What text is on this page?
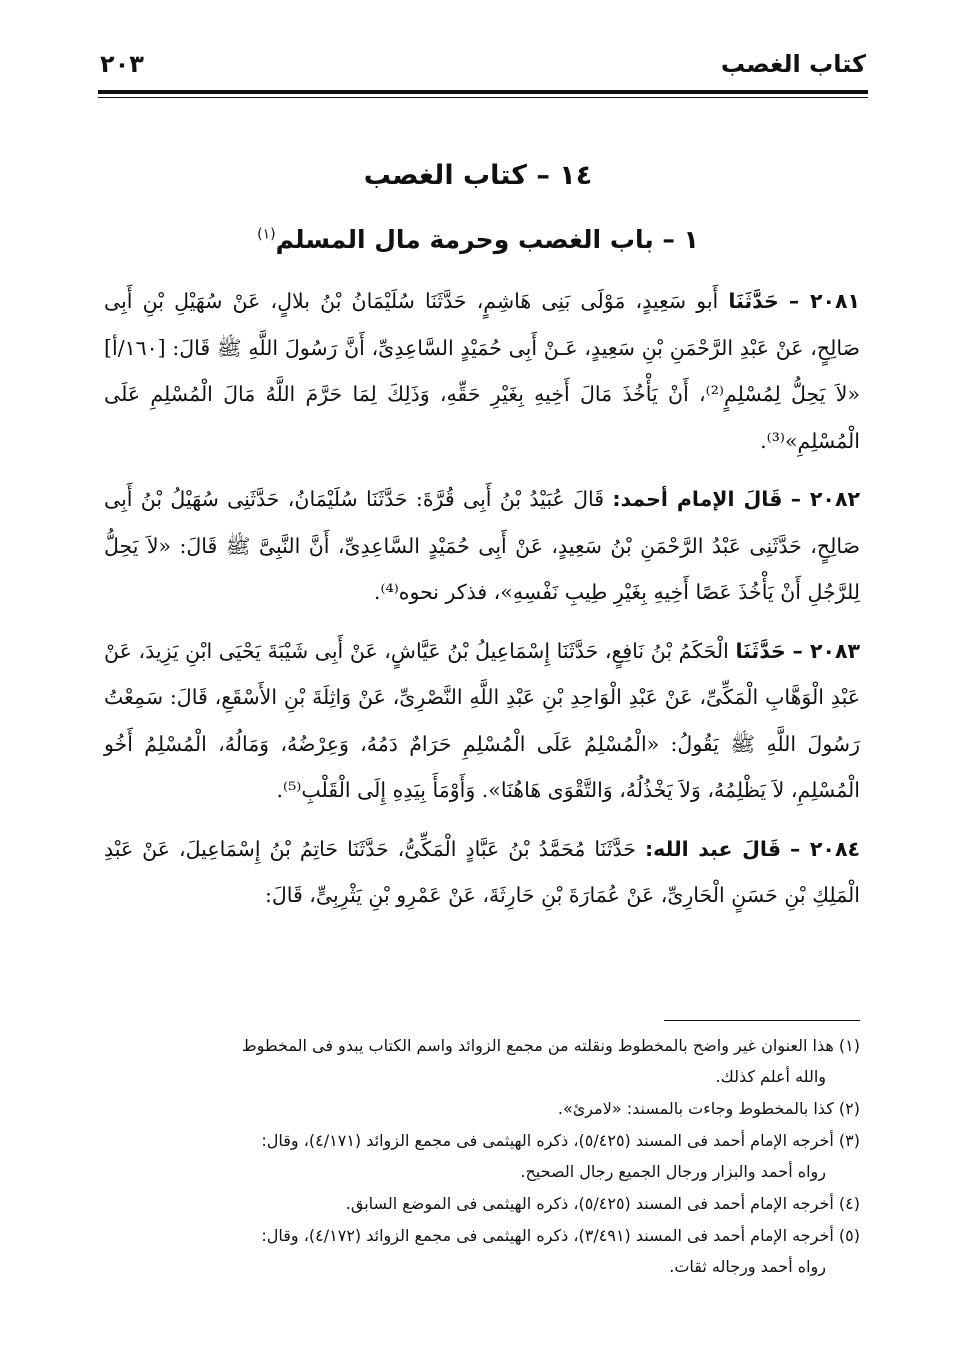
كتاب الغصب
٢٠٣
١٤ – كتاب الغصب
١ – باب الغصب وحرمة مال المسلم$^{(١)}$

٢٠٨١ – حَدَّثَنَا أَبو سَعِيدٍ، مَوْلَى بَنِى هَاشِمٍ، حَدَّثَنَا سُلَيْمَانُ بْنُ بلالٍ، عَنْ سُهَيْلِ بْنِ أَبِى صَالِحٍ، عَنْ عَبْدِ الرَّحْمَنِ بْنِ سَعِيدٍ، عَـنْ أَبِى حُمَيْدٍ السَّاعِدِىِّ، أَنَّ رَسُولَ اللَّهِ ﷺ قَالَ: [١٦٠/أ] «لاَ يَحِلُّ لِمُسْلِمٍ⁽²⁾، أَنْ يَأْخُذَ مَالَ أَخِيهِ بِغَيْرِ حَقِّهِ، وَذَلِكَ لِمَا حَرَّمَ اللَّهُ مَالَ الْمُسْلِمِ عَلَى الْمُسْلِمِ»⁽³⁾.

٢٠٨٢ – قَالَ الإمام أحمد: قَالَ عُبَيْدُ بْنُ أَبِى قُرَّةَ: حَدَّثَنَا سُلَيْمَانُ، حَدَّثَنِى سُهَيْلُ بْنُ أَبِى صَالِحٍ، حَدَّثَنِى عَبْدُ الرَّحْمَنِ بْنُ سَعِيدٍ، عَنْ أَبِى حُمَيْدٍ السَّاعِدِىِّ، أَنَّ النَّبِىَّ ﷺ قَالَ: «لاَ يَحِلُّ لِلرَّجُلِ أَنْ يَأْخُذَ عَصًا أَخِيهِ بِغَيْرِ طِيبِ نَفْسِهِ»، فذكر نحوه⁽⁴⁾.

٢٠٨٣ – حَدَّثَنَا الْحَكَمُ بْنُ نَافِعٍ، حَدَّثَنَا إِسْمَاعِيلُ بْنُ عَيَّاشٍ، عَنْ أَبِى شَيْبَةَ يَحْيَى ابْنِ يَزِيدَ، عَنْ عَبْدِ الْوَهَّابِ الْمَكِّىِّ، عَنْ عَبْدِ الْوَاحِدِ بْنِ عَبْدِ اللَّهِ النَّصْرِىِّ، عَنْ وَاثِلَةَ بْنِ الأَسْقَعِ، قَالَ: سَمِعْتُ رَسُولَ اللَّهِ ﷺ يَقُولُ: «الْمُسْلِمُ عَلَى الْمُسْلِمِ حَرَامٌ دَمُهُ، وَعِرْضُهُ، وَمَالُهُ، الْمُسْلِمُ أَخُو الْمُسْلِمِ، لاَ يَظْلِمُهُ، وَلاَ يَخْذُلُهُ، وَالتَّقْوَى هَاهُنَا». وَأَوْمَأَ بِيَدِهِ إِلَى الْقَلْبِ⁽⁵⁾.

٢٠٨٤ – قَالَ عبد الله: حَدَّثَنَا مُحَمَّدُ بْنُ عَبَّادٍ الْمَكِّىُّ، حَدَّثَنَا حَاتِمُ بْنُ إِسْمَاعِيلَ، عَنْ عَبْدِ الْمَلِكِ بْنِ حَسَنٍ الْحَارِىِّ، عَنْ عُمَارَةَ بْنِ حَارِثَةَ، عَنْ عَمْرِو بْنِ يَثْرِبِىٍّ، قَالَ:

(١) هذا العنوان غير واضح بالمخطوط ونقلته من مجمع الزوائد واسم الكتاب يبدو فى المخطوط
والله أعلم كذلك.
(٢) كذا بالمخطوط وجاءت بالمسند: «لامرئ».
(٣) أخرجه الإمام أحمد فى المسند (٥/٤٢٥)، ذكره الهيثمى فى مجمع الزوائد (٤/١٧١)، وقال:
رواه أحمد والبزار ورجال الجميع رجال الصحيح.
(٤) أخرجه الإمام أحمد فى المسند (٥/٤٢٥)، ذكره الهيثمى فى الموضع السابق.
(٥) أخرجه الإمام أحمد فى المسند (٣/٤٩١)، ذكره الهيثمى فى مجمع الزوائد (٤/١٧٢)، وقال:
رواه أحمد ورجاله ثقات.
